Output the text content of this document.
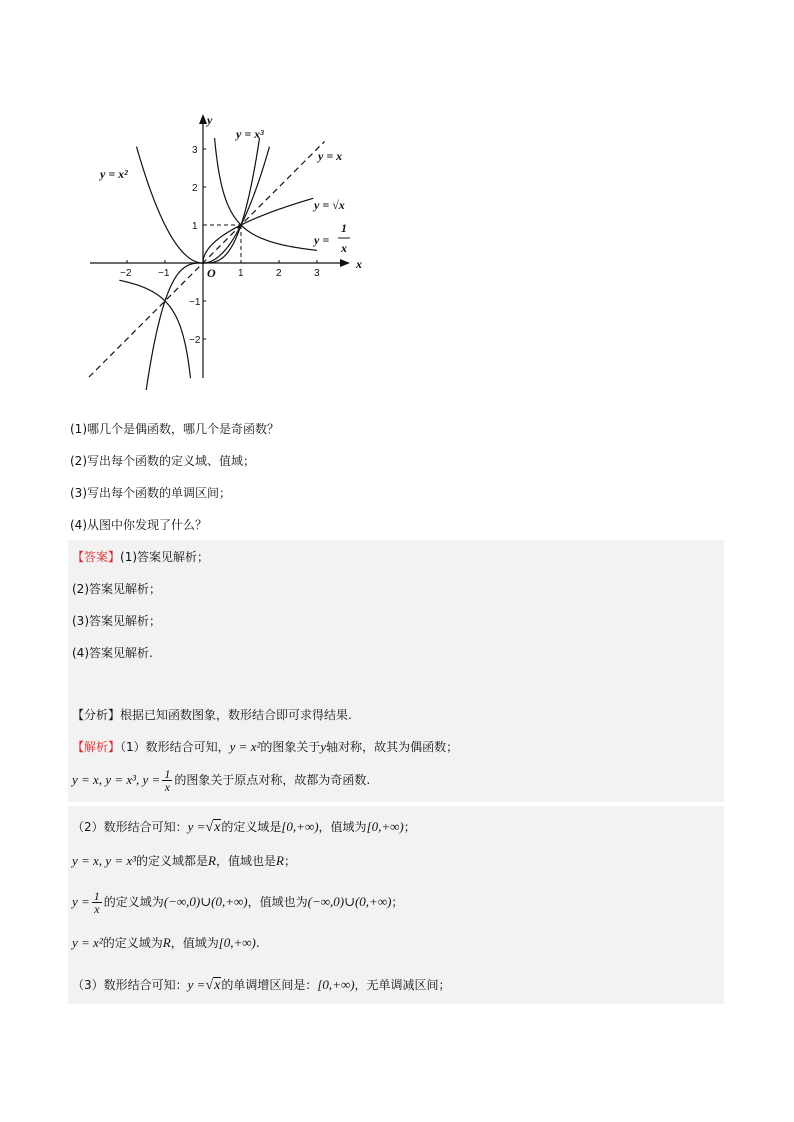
−2	−1	1	2	3
3
2
1
−1
−2
y
x
O
y = x²
y = x³
y = x
y = √x
y =
1
x
(1)哪几个是偶函数，哪几个是奇函数？
(2)写出每个函数的定义域、值域；
(3)写出每个函数的单调区间；
(4)从图中你发现了什么？
【答案】(1)答案见解析；
(2)答案见解析；
(3)答案见解析；
(4)答案见解析.
【分析】根据已知函数图象，数形结合即可求得结果.
【解析】（1）数形结合可知，y = x²的图象关于y轴对称，故其为偶函数；
y = x, y = x³, $y = \frac{1}{x}$ 的图象关于原点对称，故都为奇函数.
（2）数形结合可知：y =√x的定义域是[0,+∞)，值域为[0,+∞)；
y = x, y = x³的定义域都是R，值域也是R；
$y = \frac{1}{x}$ 的定义域为(−∞,0)∪(0,+∞)，值域也为(−∞,0)∪(0,+∞)；
y = x²的定义域为R，值域为[0,+∞).
（3）数形结合可知：y =√x的单调增区间是：[0,+∞)，无单调减区间；
